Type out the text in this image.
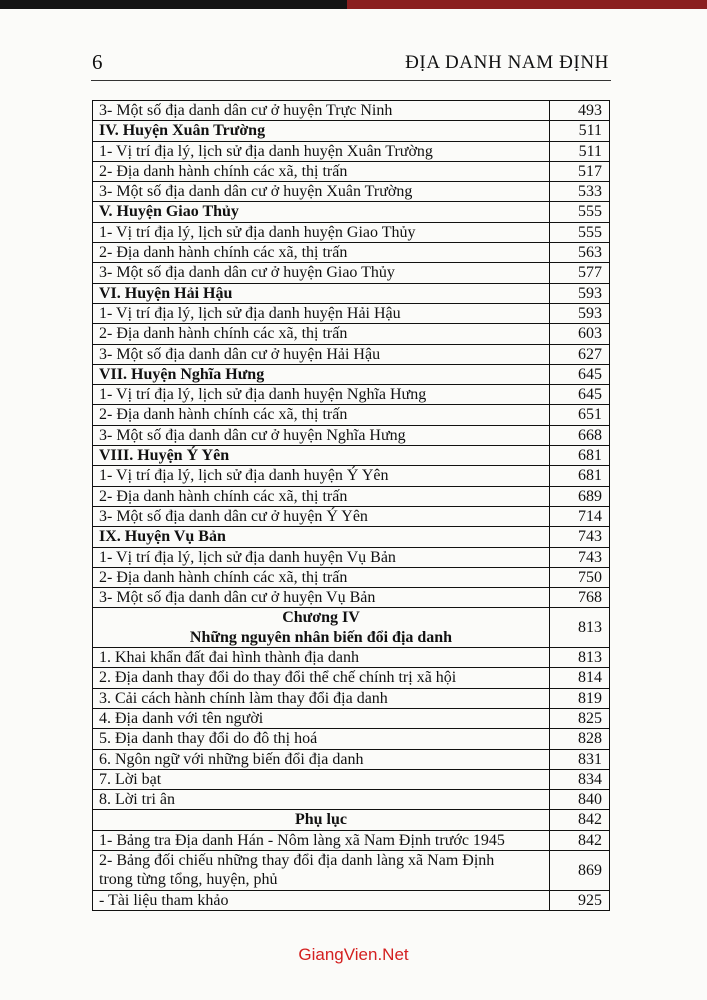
6	ĐỊA DANH NAM ĐỊNH
3- Một số địa danh dân cư ở huyện Trực Ninh	493
IV. Huyện Xuân Trường	511
1- Vị trí địa lý, lịch sử địa danh huyện Xuân Trường	511
2- Địa danh hành chính các xã, thị trấn	517
3- Một số địa danh dân cư ở huyện Xuân Trường	533
V. Huyện Giao Thủy	555
1- Vị trí địa lý, lịch sử địa danh huyện Giao Thủy	555
2- Địa danh hành chính các xã, thị trấn	563
3- Một số địa danh dân cư ở huyện Giao Thủy	577
VI. Huyện Hải Hậu	593
1- Vị trí địa lý, lịch sử địa danh huyện Hải Hậu	593
2- Địa danh hành chính các xã, thị trấn	603
3- Một số địa danh dân cư ở huyện Hải Hậu	627
VII. Huyện Nghĩa Hưng	645
1- Vị trí địa lý, lịch sử địa danh huyện Nghĩa Hưng	645
2- Địa danh hành chính các xã, thị trấn	651
3- Một số địa danh dân cư ở huyện Nghĩa Hưng	668
VIII. Huyện Ý Yên	681
1- Vị trí địa lý, lịch sử địa danh huyện Ý Yên	681
2- Địa danh hành chính các xã, thị trấn	689
3- Một số địa danh dân cư ở huyện Ý Yên	714
IX. Huyện Vụ Bản	743
1- Vị trí địa lý, lịch sử địa danh huyện Vụ Bản	743
2- Địa danh hành chính các xã, thị trấn	750
3- Một số địa danh dân cư ở huyện Vụ Bản	768

Chương IV
Những nguyên nhân biến đổi địa danh	813
1. Khai khẩn đất đai hình thành địa danh	813
2. Địa danh thay đổi do thay đổi thể chế chính trị xã hội	814
3. Cải cách hành chính làm thay đổi địa danh	819
4. Địa danh với tên người	825
5. Địa danh thay đổi do đô thị hoá	828
6. Ngôn ngữ với những biến đổi địa danh	831
7. Lời bạt	834
8. Lời tri ân	840
Phụ lục	842
1- Bảng tra Địa danh Hán - Nôm làng xã Nam Định trước 1945	842

2- Bảng đối chiếu những thay đổi địa danh làng xã Nam Định
trong từng tổng, huyện, phủ	869
- Tài liệu tham khảo	925
GiangVien.Net
